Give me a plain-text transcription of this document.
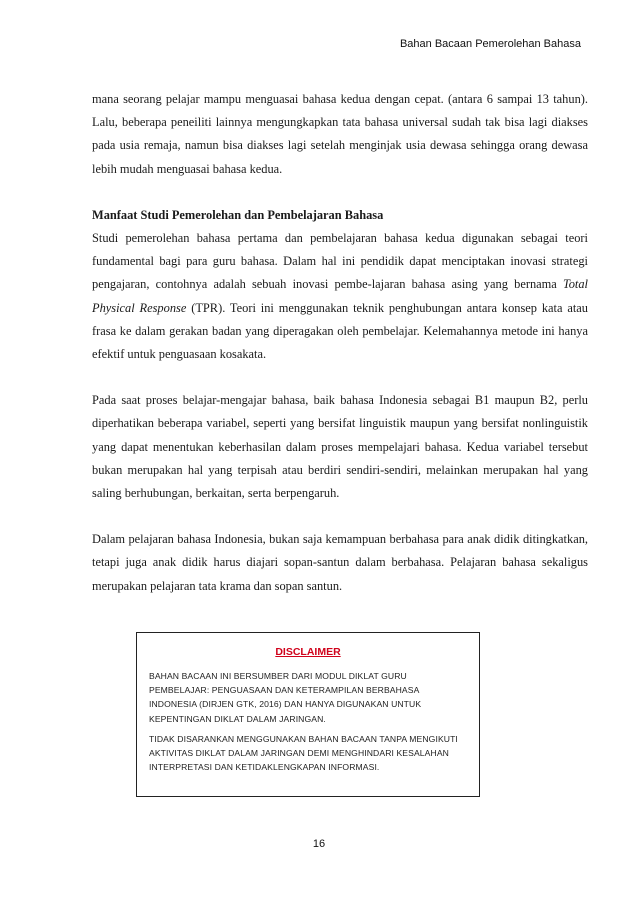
Bahan Bacaan Pemerolehan Bahasa

mana seorang pelajar mampu menguasai bahasa kedua dengan cepat. (antara 6 sampai 13 tahun). Lalu, beberapa peneiliti lainnya mengungkapkan tata bahasa universal sudah tak bisa lagi diakses pada usia remaja, namun bisa diakses lagi setelah menginjak usia dewasa sehingga orang dewasa lebih mudah menguasai bahasa kedua.

Manfaat Studi Pemerolehan dan Pembelajaran Bahasa

Studi pemerolehan bahasa pertama dan pembelajaran bahasa kedua digunakan sebagai teori fundamental bagi para guru bahasa. Dalam hal ini pendidik dapat menciptakan inovasi strategi pengajaran, contohnya adalah sebuah inovasi pembe-lajaran bahasa asing yang bernama Total Physical Response (TPR). Teori ini menggunakan teknik penghubungan antara konsep kata atau frasa ke dalam gerakan badan yang diperagakan oleh pembelajar. Kelemahannya metode ini hanya efektif untuk penguasaan kosakata.

Pada saat proses belajar-mengajar bahasa, baik bahasa Indonesia sebagai B1 maupun B2, perlu diperhatikan beberapa variabel, seperti yang bersifat linguistik maupun yang bersifat nonlinguistik yang dapat menentukan keberhasilan dalam proses mempelajari bahasa. Kedua variabel tersebut bukan merupakan hal yang terpisah atau berdiri sendiri-sendiri, melainkan merupakan hal yang saling berhubungan, berkaitan, serta berpengaruh.

Dalam pelajaran bahasa Indonesia, bukan saja kemampuan berbahasa para anak didik ditingkatkan, tetapi juga anak didik harus diajari sopan-santun dalam berbahasa. Pelajaran bahasa sekaligus merupakan pelajaran tata krama dan sopan santun.

DISCLAIMER
BAHAN BACAAN INI BERSUMBER DARI MODUL DIKLAT GURU PEMBELAJAR: PENGUASAAN DAN KETERAMPILAN BERBAHASA INDONESIA (DIRJEN GTK, 2016) DAN HANYA DIGUNAKAN UNTUK KEPENTINGAN DIKLAT DALAM JARINGAN.
TIDAK DISARANKAN MENGGUNAKAN BAHAN BACAAN TANPA MENGIKUTI AKTIVITAS DIKLAT DALAM JARINGAN DEMI MENGHINDARI KESALAHAN INTERPRETASI DAN KETIDAKLENGKAPAN INFORMASI.
16
